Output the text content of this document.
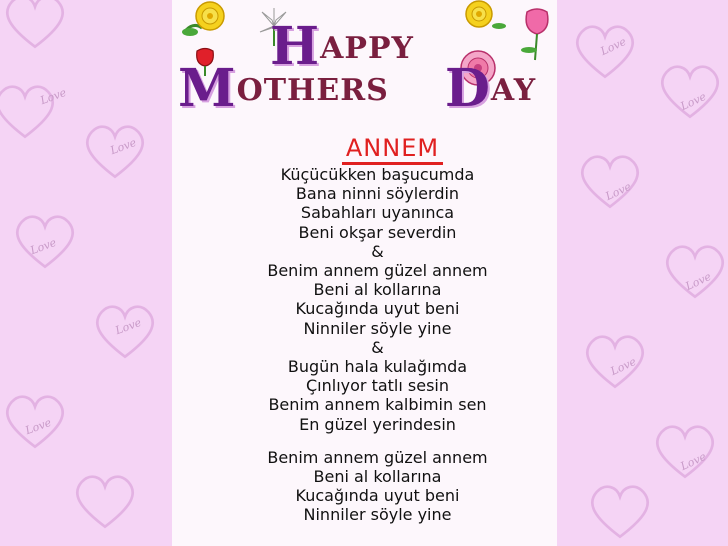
Love
Love
Love
Love
Love
Love
Love
Love
Love
Love
Love
HAPPY
MOTHERS DAY
ANNEM
Küçücükken başucumda
Bana ninni söylerdin
Sabahları uyanınca
Beni okşar severdin
&
Benim annem güzel annem
Beni al kollarına
Kucağında uyut beni
Ninniler söyle yine
&
Bugün hala kulağımda
Çınlıyor tatlı sesin
Benim annem kalbimin sen
En güzel yerindesin
Benim annem güzel annem
Beni al kollarına
Kucağında uyut beni
Ninniler söyle yine
